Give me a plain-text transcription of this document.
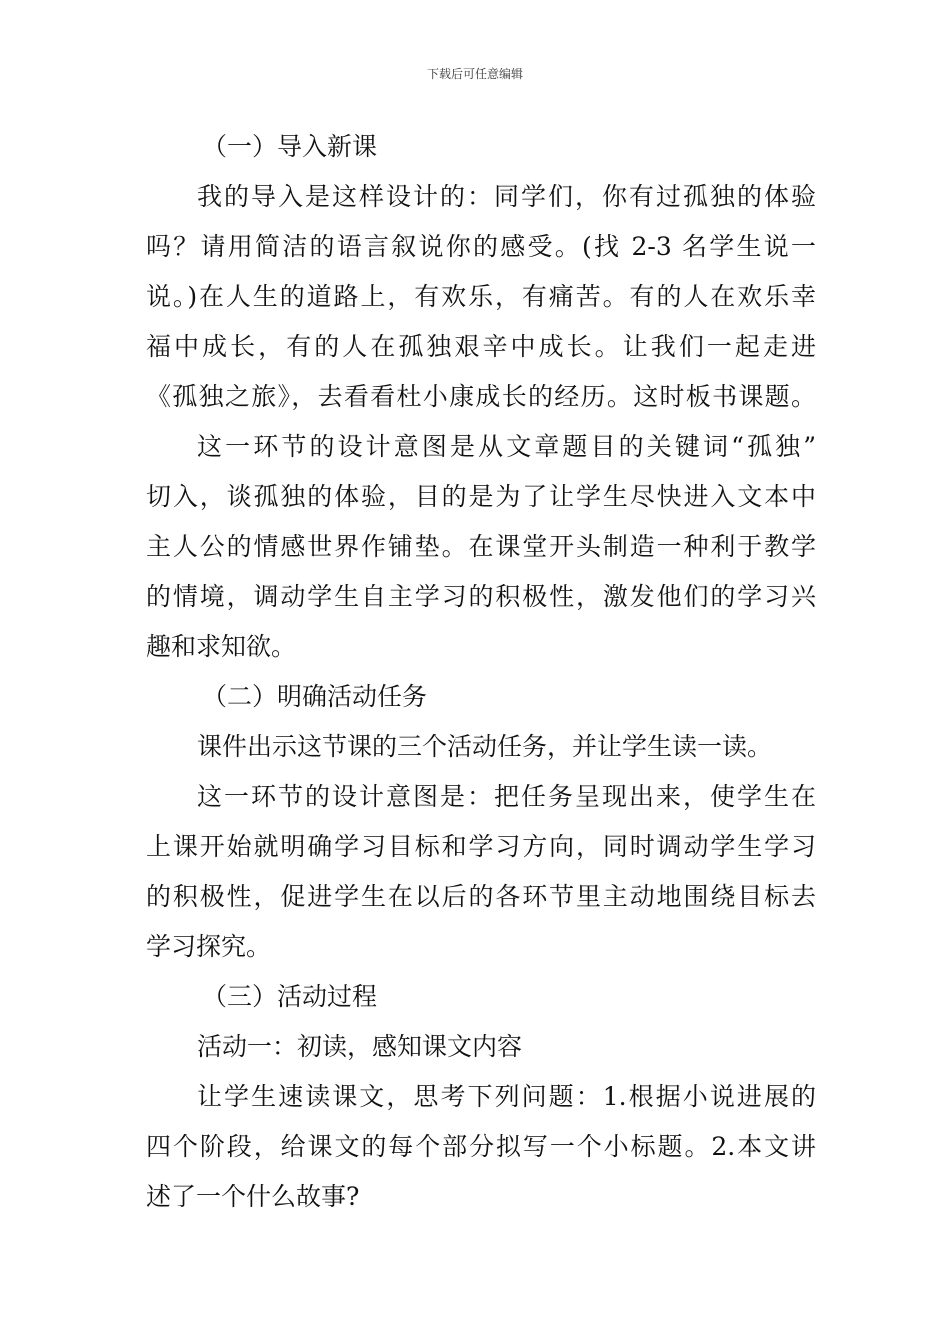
下载后可任意编辑
（一）导入新课
我的导入是这样设计的：同学们，你有过孤独的体验
吗？请用简洁的语言叙说你的感受。(找 2-3 名学生说一
说。)在人生的道路上，有欢乐，有痛苦。有的人在欢乐幸
福中成长，有的人在孤独艰辛中成长。让我们一起走进
《孤独之旅》，去看看杜小康成长的经历。这时板书课题。
这一环节的设计意图是从文章题目的关键词“孤独”
切入，谈孤独的体验，目的是为了让学生尽快进入文本中
主人公的情感世界作铺垫。在课堂开头制造一种利于教学
的情境，调动学生自主学习的积极性，激发他们的学习兴
趣和求知欲。
（二）明确活动任务
课件出示这节课的三个活动任务，并让学生读一读。
这一环节的设计意图是：把任务呈现出来，使学生在
上课开始就明确学习目标和学习方向，同时调动学生学习
的积极性，促进学生在以后的各环节里主动地围绕目标去
学习探究。
（三）活动过程
活动一：初读，感知课文内容
让学生速读课文，思考下列问题：1.根据小说进展的
四个阶段，给课文的每个部分拟写一个小标题。2.本文讲
述了一个什么故事?
